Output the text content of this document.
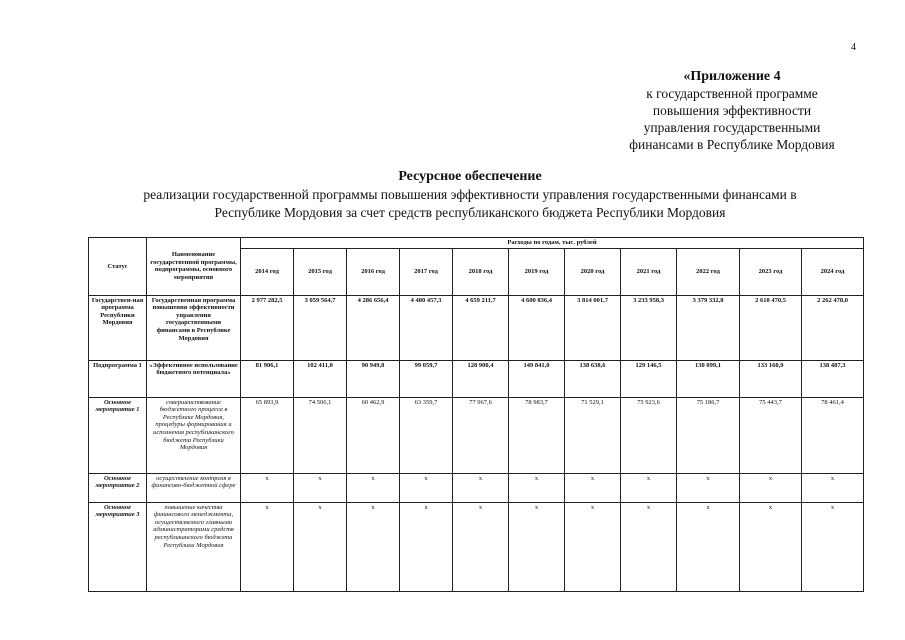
4
«Приложение 4
к государственной программе
повышения эффективности
управления государственными
финансами в Республике Мордовия
Ресурсное обеспечение
реализации государственной программы повышения эффективности управления государственными финансами в
Республике Мордовия за счет средств республиканского бюджета Республики Мордовия
Статус	Наименование государственной программы, подпрограммы, основного мероприятия	Расходы по годам, тыс. рублей										
		2014 год	2015 год	2016 год	2017 год	2018 год	2019 год	2020 год	2021 год	2022 год	2023 год	2024 год
Государствен-ная программа Республики Мордовия	Государственная программа повышения эффективности управления государственными финансами в Республике Мордовия	2 977 282,5	3 059 564,7	4 286 656,4	4 480 457,3	4 659 211,7	4 600 836,4	3 814 001,7	3 233 958,3	3 379 332,8	2 618 470,5	2 262 478,0
Подпрограмма 1	«Эффективное использование бюджетного потенциала»	81 906,1	102 411,0	90 949,8	99 059,7	128 900,4	149 841,0	138 638,6	129 146,5	130 099,1	133 160,9	138 487,3
Основное мероприятие 1	совершенствование бюджетного процесса в Республике Мордовия, процедуры формирования и исполнения республиканского бюджета Республики Мордовия	65 893,9	74 506,1	60 462,9	63 359,7	77 967,6	78 983,7	71 529,1	75 923,6	75 186,7	75 443,7	78 461,4
Основное мероприятие 2	осуществление контроля в финансово-бюджетной сфере	х	х	х	х	х	х	х	х	х	х	х
Основное мероприятие 3	повышение качества финансового менеджмента, осуществляемого главными администраторами средств республиканского бюджета Республики Мордовия	х	х	х	х	х	х	х	х	х	х	х
